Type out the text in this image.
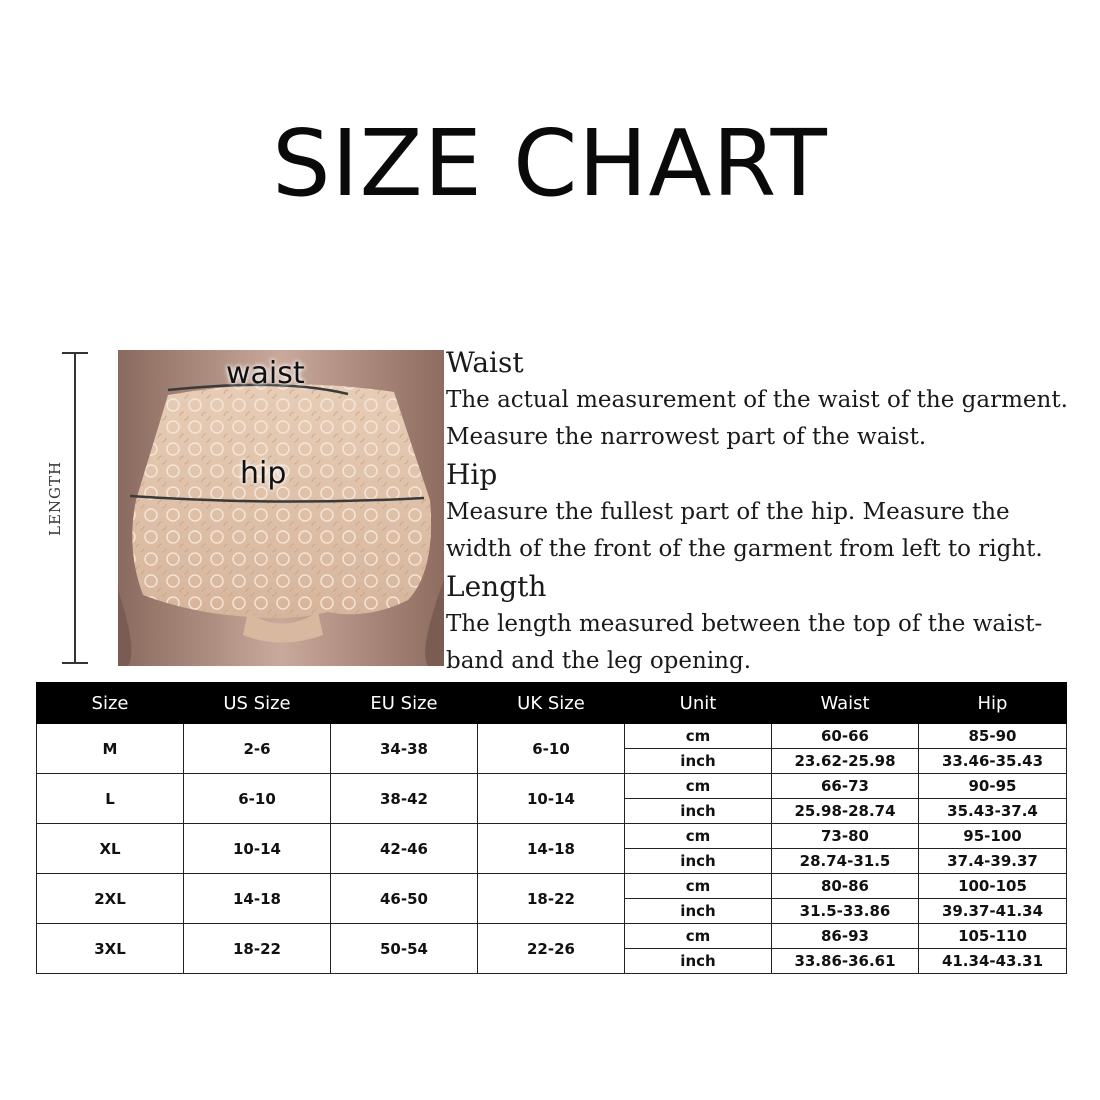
SIZE CHART
LENGTH
waist
hip
Waist
The actual measurement of the waist of the garment.
Measure the narrowest part of the waist.
Hip
Measure the fullest part of the hip. Measure the
width of the front of the garment from left to right.
Length
The length measured between the top of the waist-
band and the leg opening.
Size	US Size	EU Size	UK Size	Unit	Waist	Hip
M	2-6	34-38	6-10	cm	60-66	85-90
				inch	23.62-25.98	33.46-35.43
L	6-10	38-42	10-14	cm	66-73	90-95
				inch	25.98-28.74	35.43-37.4
XL	10-14	42-46	14-18	cm	73-80	95-100
				inch	28.74-31.5	37.4-39.37
2XL	14-18	46-50	18-22	cm	80-86	100-105
				inch	31.5-33.86	39.37-41.34
3XL	18-22	50-54	22-26	cm	86-93	105-110
				inch	33.86-36.61	41.34-43.31
